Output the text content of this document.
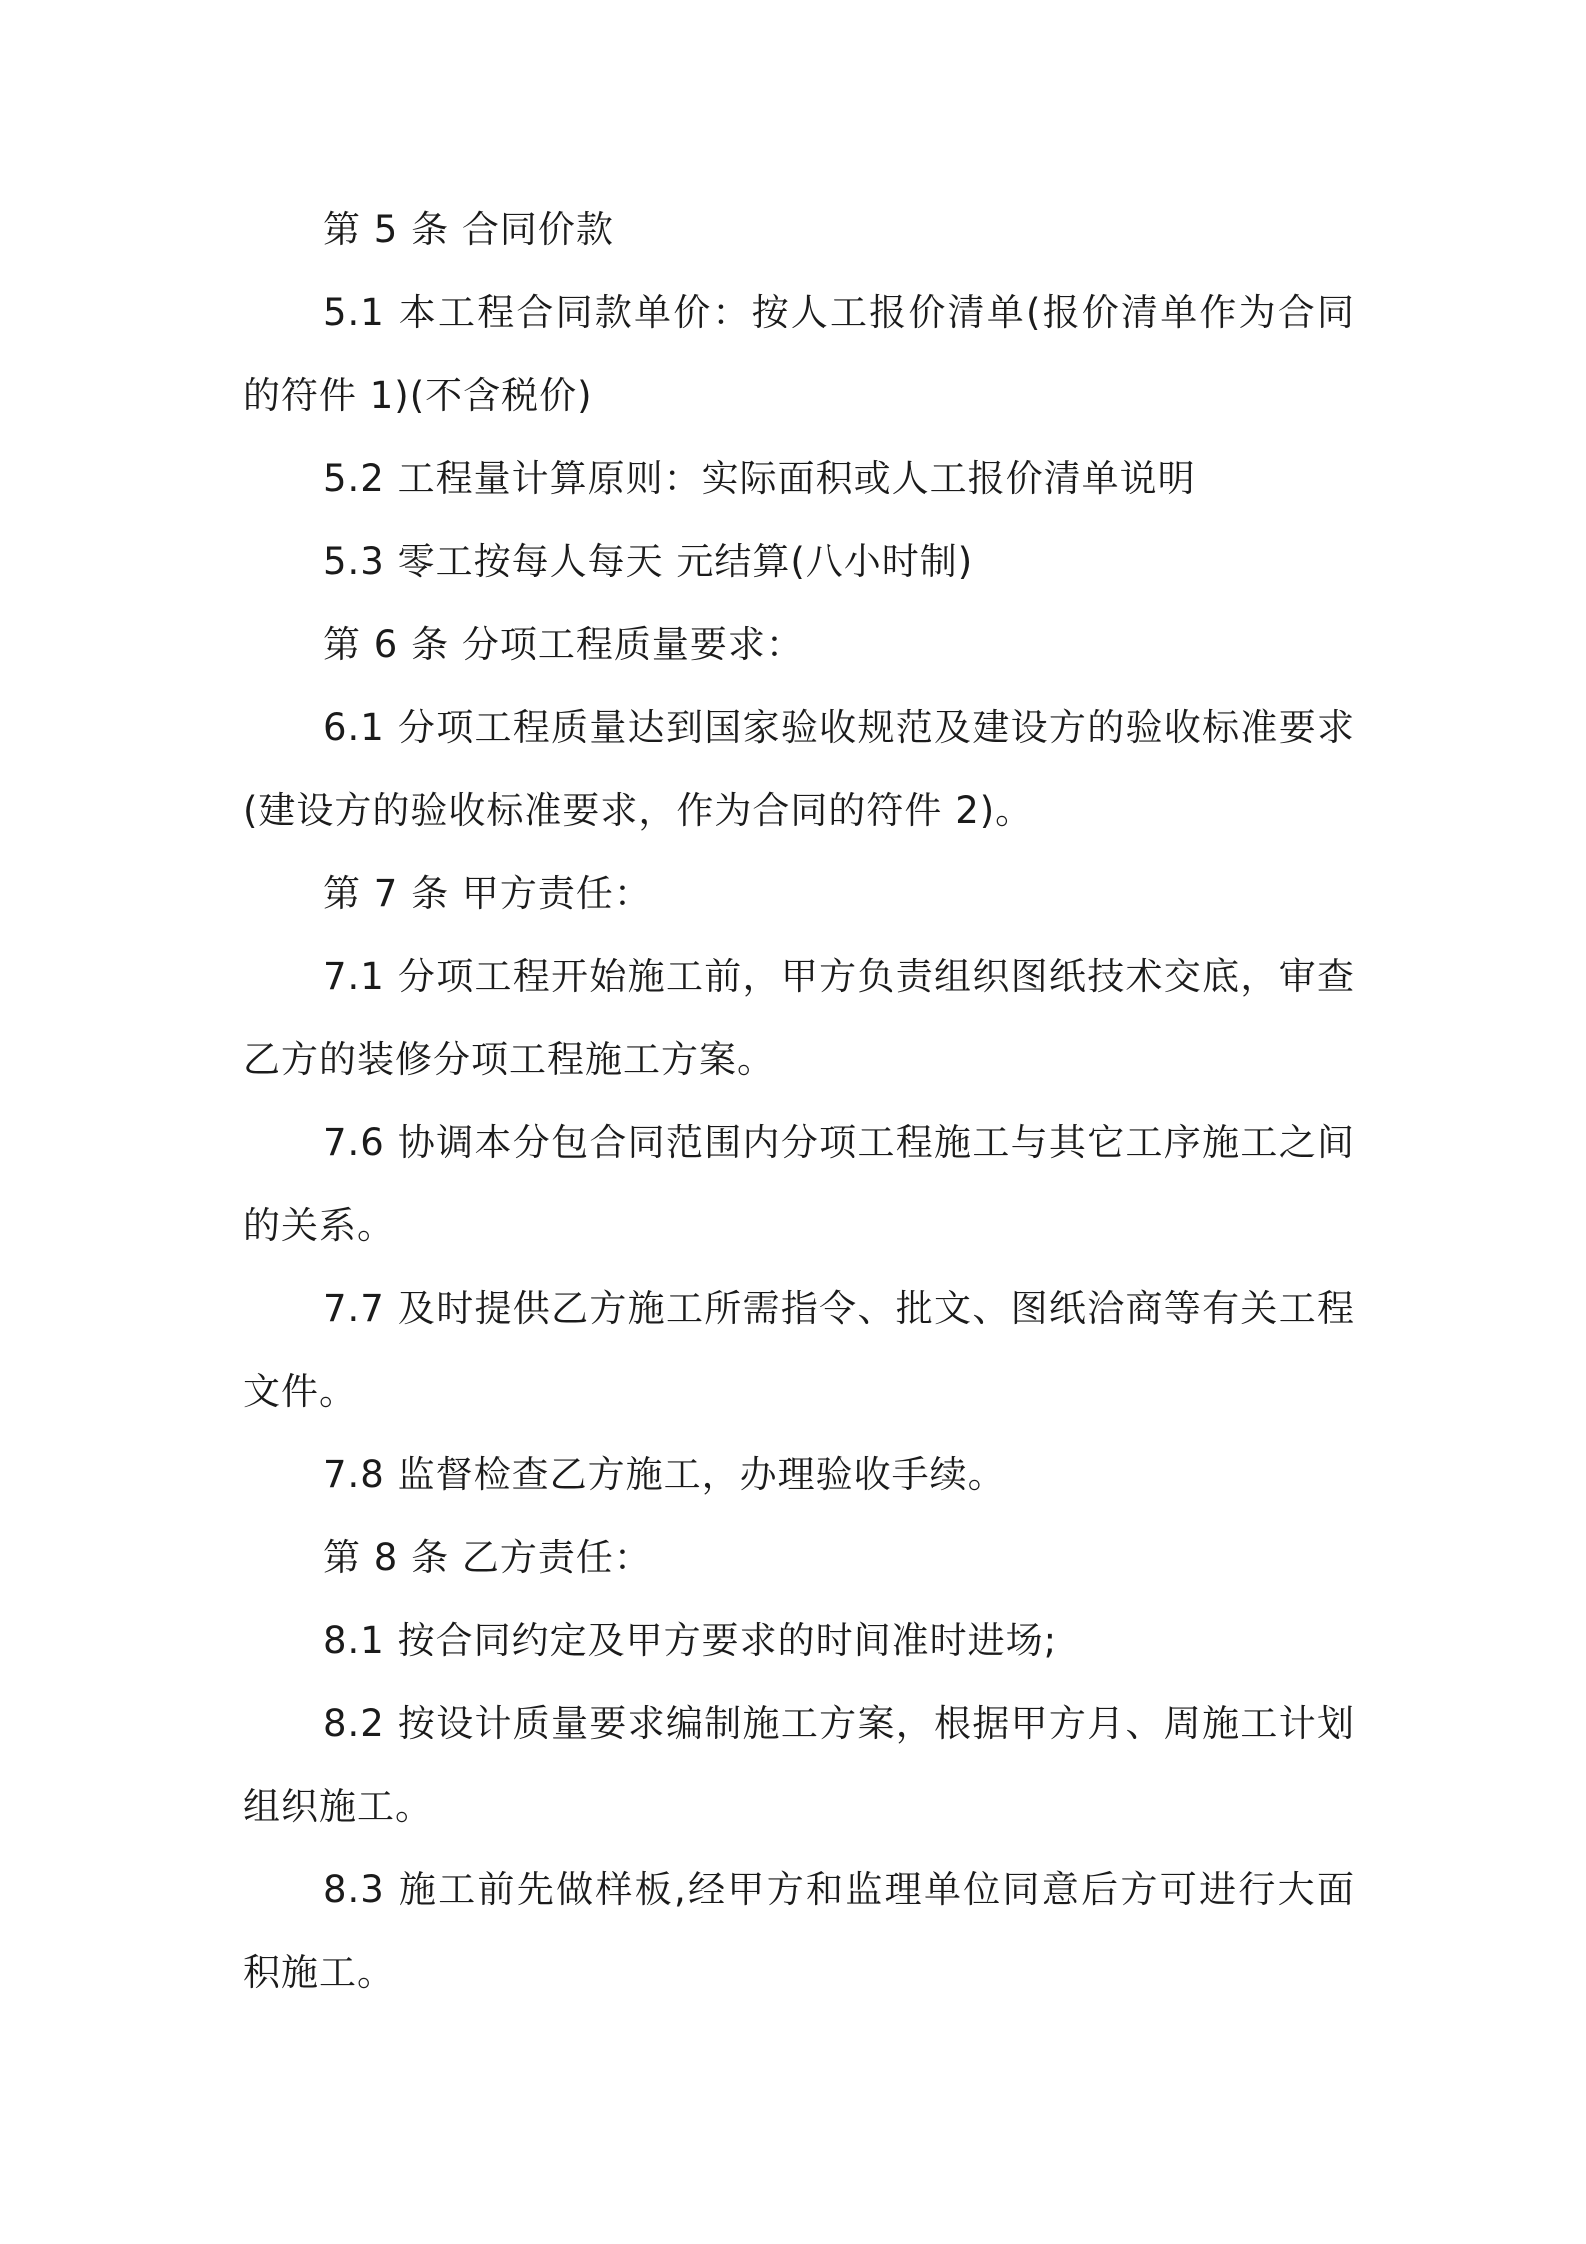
第 5 条 合同价款

5.1 本工程合同款单价：按人工报价清单(报价清单作为合同的符件 1)(不含税价)

5.2 工程量计算原则：实际面积或人工报价清单说明

5.3 零工按每人每天 元结算(八小时制)

第 6 条 分项工程质量要求：

6.1 分项工程质量达到国家验收规范及建设方的验收标准要求(建设方的验收标准要求，作为合同的符件 2)。

第 7 条 甲方责任：

7.1 分项工程开始施工前，甲方负责组织图纸技术交底，审查乙方的装修分项工程施工方案。

7.6 协调本分包合同范围内分项工程施工与其它工序施工之间的关系。

7.7 及时提供乙方施工所需指令、批文、图纸洽商等有关工程文件。

7.8 监督检查乙方施工，办理验收手续。

第 8 条 乙方责任：

8.1 按合同约定及甲方要求的时间准时进场;

8.2 按设计质量要求编制施工方案，根据甲方月、周施工计划组织施工。

8.3 施工前先做样板,经甲方和监理单位同意后方可进行大面积施工。
